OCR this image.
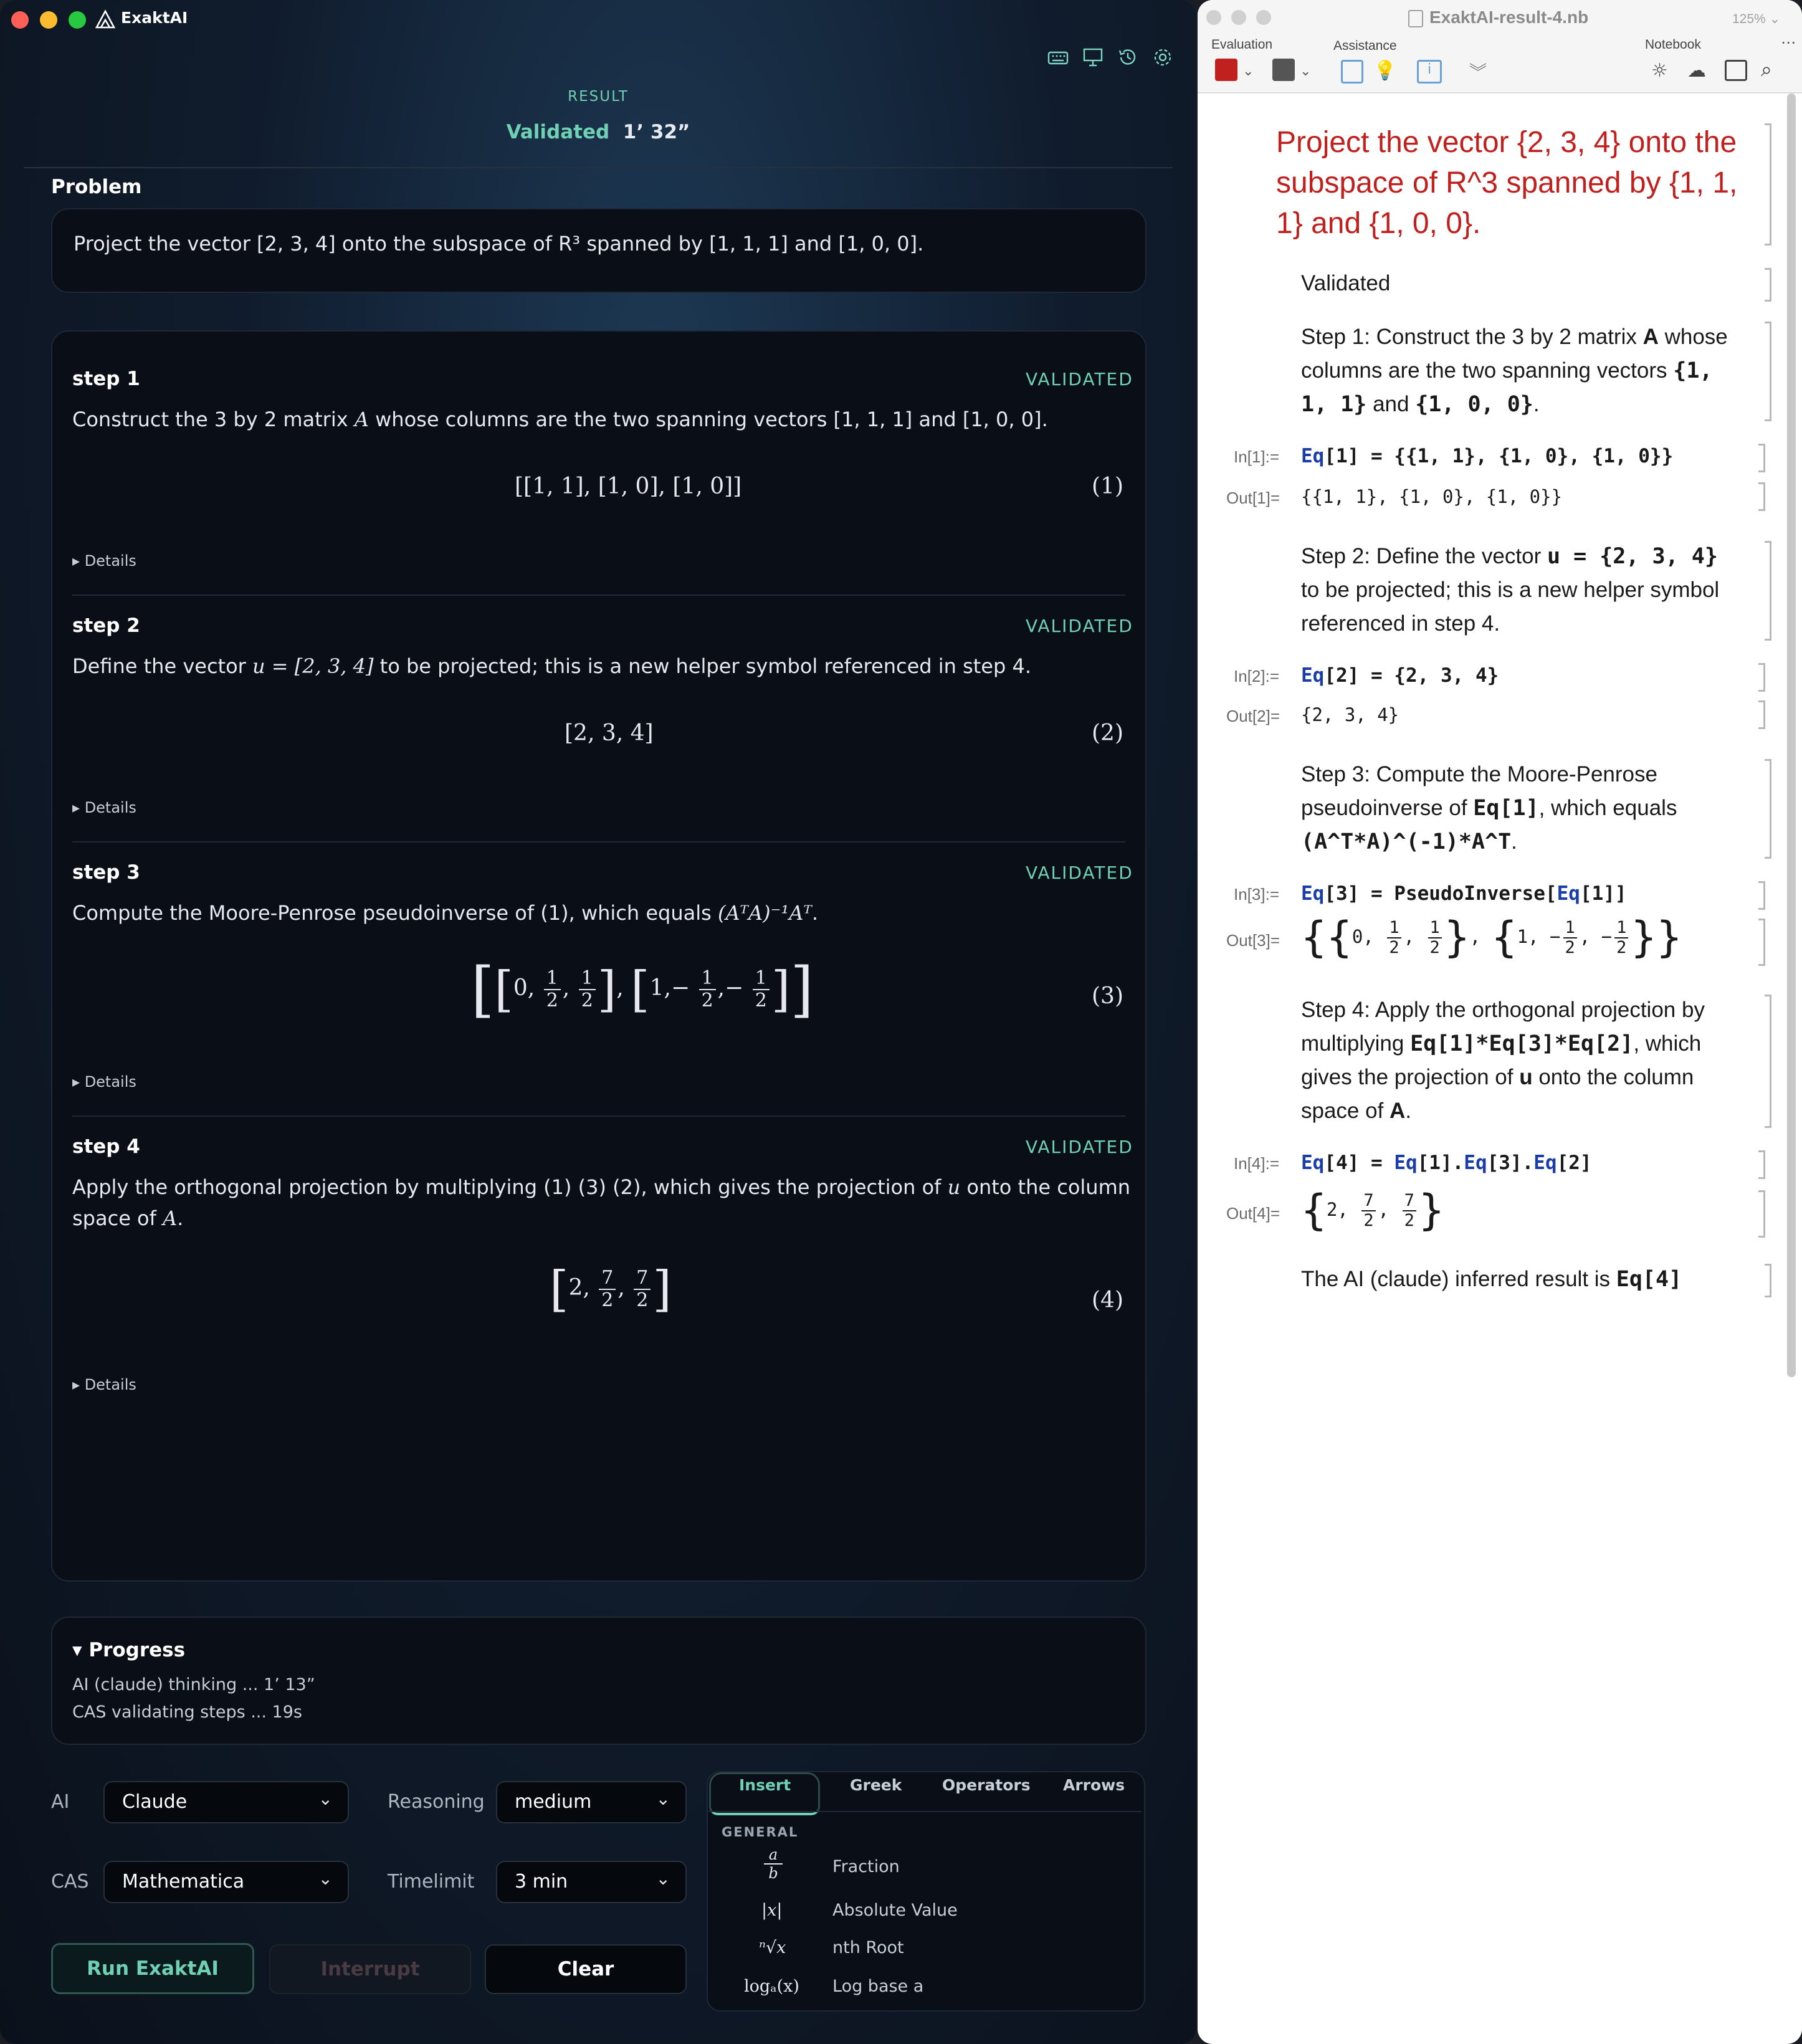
ExaktAI
RESULT
Validated 1’ 32”
Problem
Project the vector [2, 3, 4] onto the subspace of R³ spanned by [1, 1, 1] and [1, 0, 0].
step 1	VALIDATED
Construct the 3 by 2 matrix A whose columns are the two spanning vectors [1, 1, 1] and [1, 0, 0].
[[1, 1], [1, 0], [1, 0]]	(1)
▸ Details
step 2	VALIDATED
Define the vector u = [2, 3, 4] to be projected; this is a new helper symbol referenced in step 4.
[2, 3, 4]	(2)
▸ Details
step 3	VALIDATED
Compute the Moore-Penrose pseudoinverse of (1), which equals (AᵀA)⁻¹Aᵀ.
[[0, $\frac{1}{2}$ , $\frac{1}{2}$ ], [$1,- \frac{1}{2}$ ,− $\frac{1}{2}$ ]]	(3)
▸ Details
step 4	VALIDATED
Apply the orthogonal projection by multiplying (1) (3) (2), which gives the projection of u onto the column
space of A.
[2, $\frac{7}{2}$ , $\frac{7}{2}$ ]	(4)
▸ Details
▾ Progress
AI (claude) thinking ... 1’ 13”
CAS validating steps ... 19s
AI	Claude	⌄	Reasoning medium	⌄
CAS Mathematica	⌄	Timelimit 3 min	⌄
Run ExaktAI	Interrupt	Clear
Insert	Greek	Operators Arrows
GENERAL
a
b	Fraction
|x|	Absolute Value
ⁿ√x	nth Root
logₐ(x) Log base a
ExaktAI-result-4.nb	125% ⌄
Evaluation	Assistance	Notebook
⌄	⌄	💡	i	︾	☼ ☁	⌕
⋯
Project the vector {2, 3, 4} onto the subspace of R^3 spanned by {1, 1, 1} and {1, 0, 0}.
Validated
Step 1: Construct the 3 by 2 matrix A whose columns are the two spanning vectors {1, 1, 1} and {1, 0, 0}.
In[1]:= Eq[1] = {{1, 1}, {1, 0}, {1, 0}}
Out[1]= {{1, 1}, {1, 0}, {1, 0}}
Step 2: Define the vector u = {2, 3, 4} to be projected; this is a new helper symbol referenced in step 4.
In[2]:= Eq[2] = {2, 3, 4}
Out[2]= {2, 3, 4}
Step 3: Compute the Moore-Penrose pseudoinverse of Eq[1], which equals (A^T*A)^(-1)*A^T.
In[3]:= Eq[3] = PseudoInverse[Eq[1]]
Out[3]= {{0, $\frac{1}{2}$ , $\frac{1}{2}$ }, {1, − $\frac{1}{2}$ , − $\frac{1}{2}$ }}
Step 4: Apply the orthogonal projection by multiplying Eq[1]*Eq[3]*Eq[2], which gives the projection of u onto the column space of A.
In[4]:= Eq[4] = Eq[1].Eq[3].Eq[2]
Out[4]= {2, $\frac{7}{2}$ , $\frac{7}{2}$ }
The AI (claude) inferred result is Eq[4]
